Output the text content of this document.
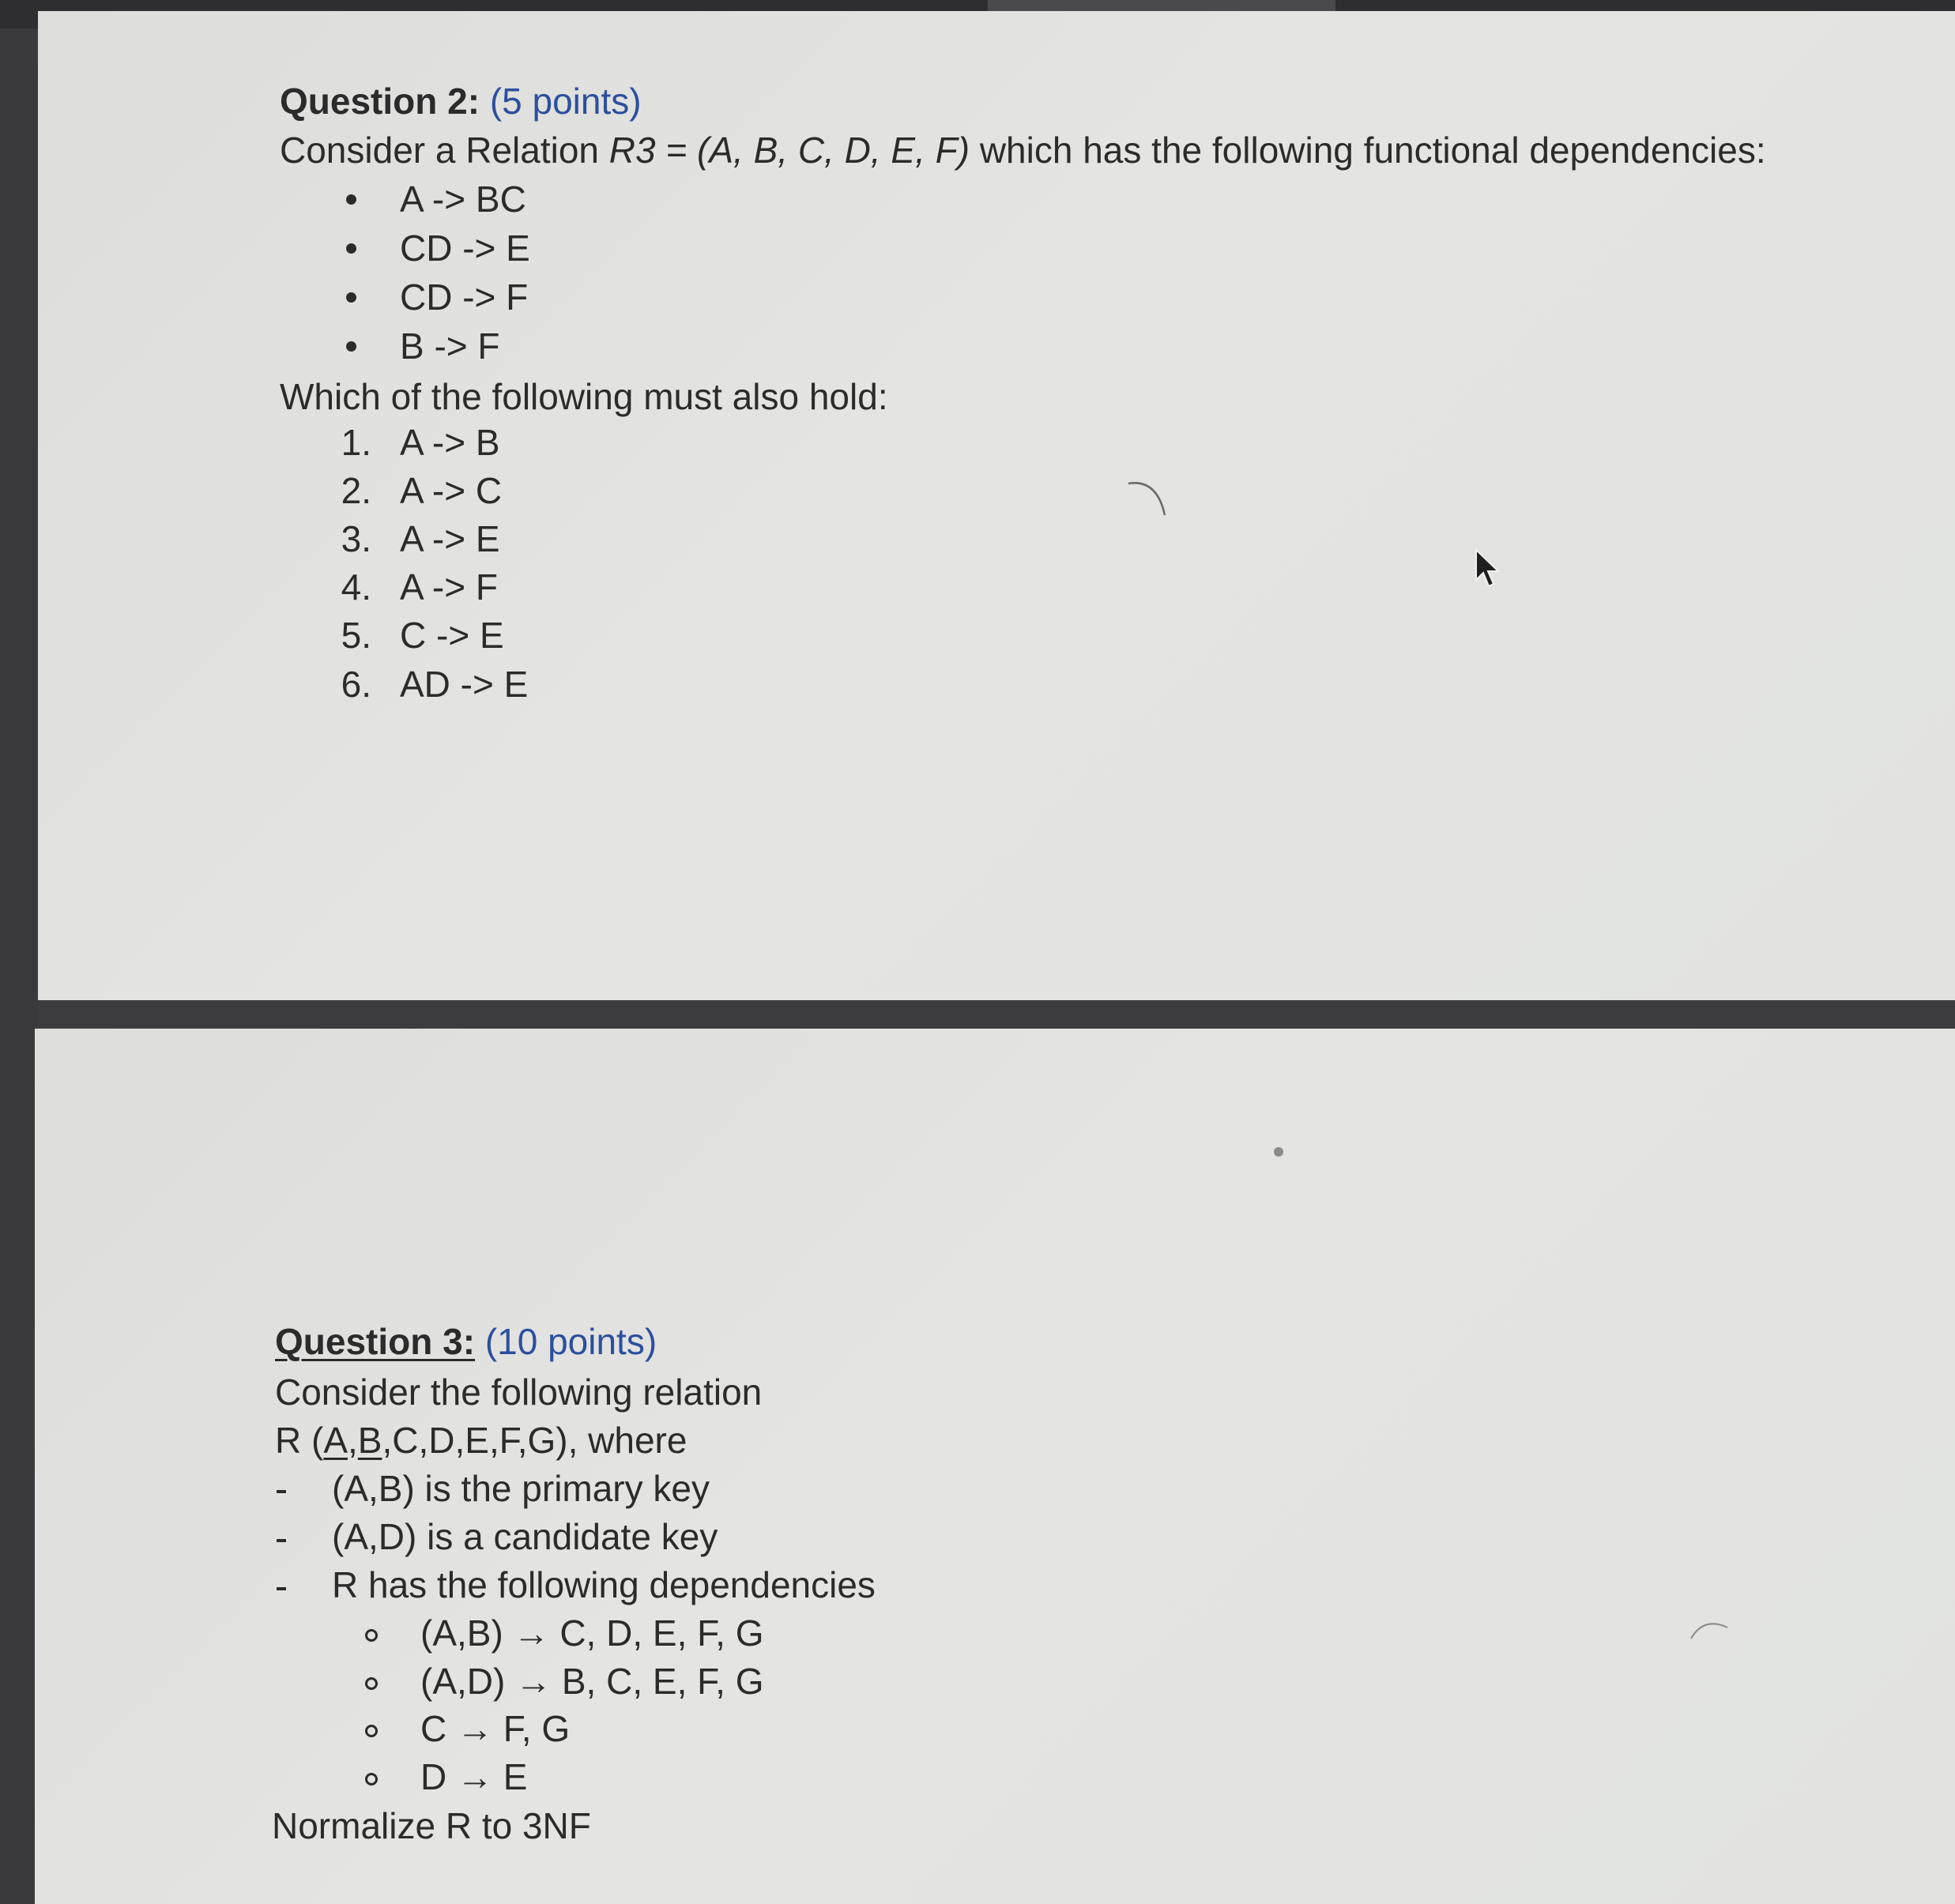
Question 2: (5 points)
Consider a Relation R3 = (A, B, C, D, E, F) which has the following functional dependencies:
A -> BC
CD -> E
CD -> F
B -> F
Which of the following must also hold:
1. A -> B
2. A -> C
3. A -> E
4. A -> F
5. C -> E
6. AD -> E
Question 3: (10 points)
Consider the following relation
R (A,B,C,D,E,F,G), where
(A,B) is the primary key
(A,D) is a candidate key
R has the following dependencies
(A,B) → C, D, E, F, G
(A,D) → B, C, E, F, G
C → F, G
D → E
Normalize R to 3NF
